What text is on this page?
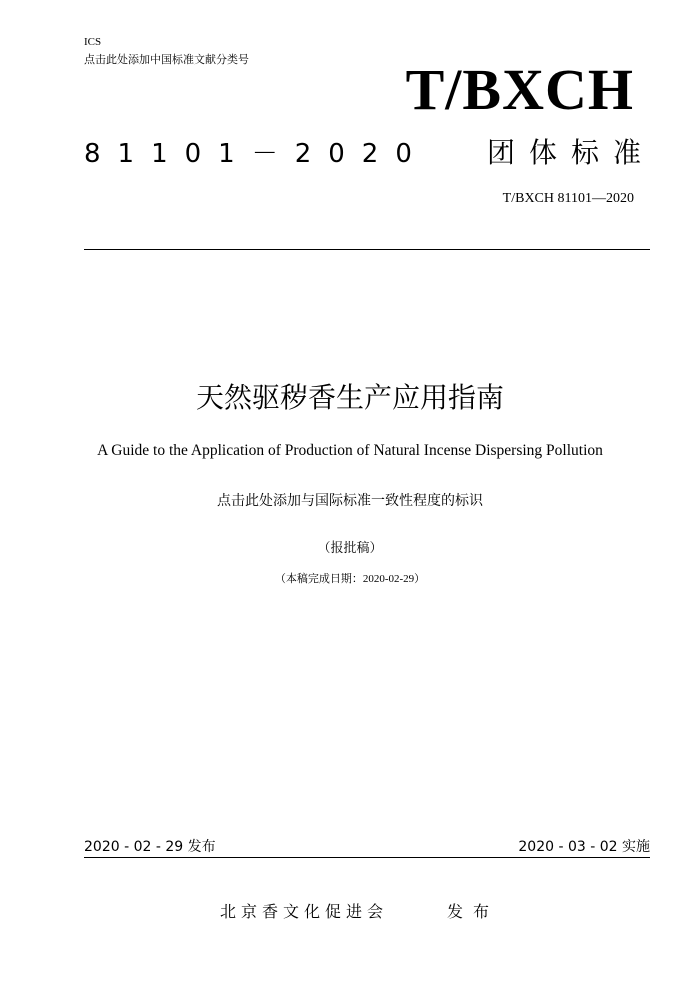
ICS
点击此处添加中国标准文献分类号	T/BXCH
81101－2020 团体标准
T/BXCH 81101—2020
天然驱秽香生产应用指南
A Guide to the Application of Production of Natural Incense Dispersing Pollution
点击此处添加与国际标准一致性程度的标识
（报批稿）
（本稿完成日期：2020-02-29）
2020 - 02 - 29 发布	2020 - 03 - 02 实施
北京香文化促进会	发布
